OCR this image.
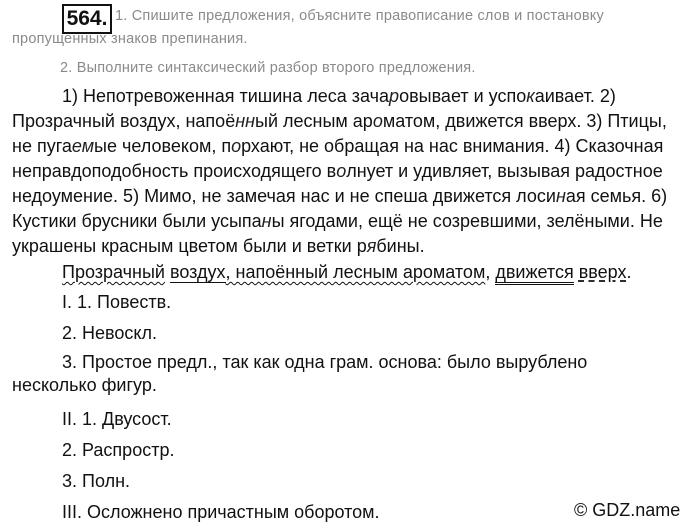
564. 1. Спишите предложения, объясните правописание слов и постановку
пропущенных знаков препинания.
2. Выполните синтаксический разбор второго предложения.
1) Непотревоженная тишина леса зачаровывает и успокаивает. 2)
Прозрачный воздух, напоённый лесным ароматом, движется вверх. 3) Птицы,
не пугаемые человеком, порхают, не обращая на нас внимания. 4) Сказочная
неправдоподобность происходящего волнует и удивляет, вызывая радостное
недоумение. 5) Мимо, не замечая нас и не спеша движется лосиная семья. 6)
Кустики брусники были усыпаны ягодами, ещё не созревшими, зелёными. Не
украшены красным цветом были и ветки рябины.
Прозрачный воздух, напоённый лесным ароматом, движется вверх.
I. 1. Повеств.
2. Невоскл.
3. Простое предл., так как одна грам. основа: было вырублено
несколько фигур.
II. 1. Двусост.
2. Распростр.
3. Полн.
III. Осложнено причастным оборотом.	© GDZ.name
